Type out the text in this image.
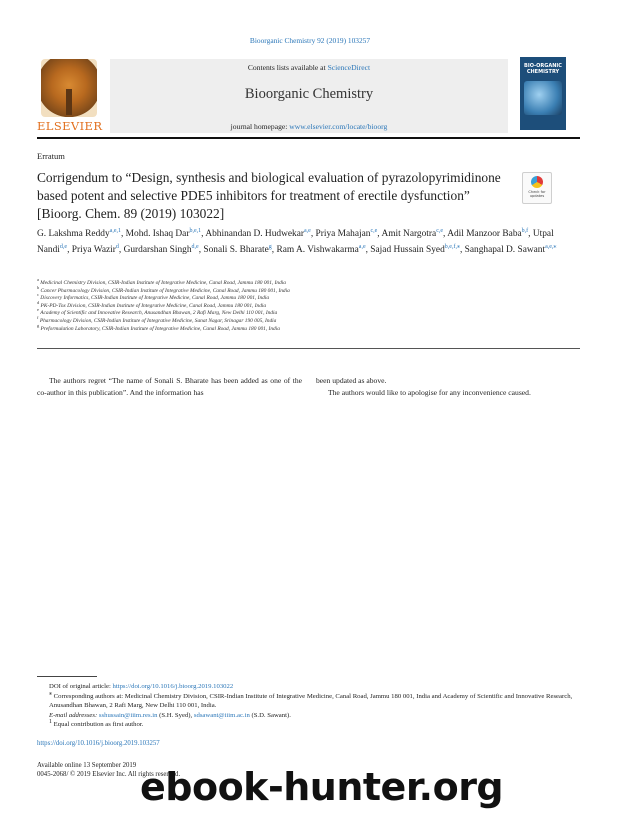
Bioorganic Chemistry 92 (2019) 103257
ELSEVIER
Contents lists available at ScienceDirect
Bioorganic Chemistry
journal homepage: www.elsevier.com/locate/bioorg
BIO-ORGANIC
CHEMISTRY
Erratum
Corrigendum to “Design, synthesis and biological evaluation of pyrazolopyrimidinone based potent and selective PDE5 inhibitors for treatment of erectile dysfunction” [Bioorg. Chem. 89 (2019) 103022]
Check for
updates
G. Lakshma Reddy$^{a,e,1}$, Mohd. Ishaq Dar$^{b,e,1}$, Abhinandan D. Hudwekar$^{a,e}$, Priya Mahajan$^{c,e}$, Amit Nargotra$^{c,e}$, Adil Manzoor Baba$^{b,f}$, Utpal Nandi$^{d,e}$, Priya Wazir$^d$, Gurdarshan Singh$^{d,e}$, Sonali S. Bharate$^g$, Ram A. Vishwakarma$^{a,e}$, Sajad Hussain Syed$^{b,e,f,⁎}$, Sanghapal D. Sawant$^{a,e,⁎}$
$^a$ Medicinal Chemistry Division, CSIR-Indian Institute of Integrative Medicine, Canal Road, Jammu 180 001, India
$^b$ Cancer Pharmacology Division, CSIR-Indian Institute of Integrative Medicine, Canal Road, Jammu 180 001, India
$^c$ Discovery Informatics, CSIR-Indian Institute of Integrative Medicine, Canal Road, Jammu 180 001, India
$^d$ PK-PD-Tox Division, CSIR-Indian Institute of Integrative Medicine, Canal Road, Jammu 180 001, India
$^e$ Academy of Scientific and Innovative Research, Anusandhan Bhawan, 2 Rafi Marg, New Delhi 110 001, India
$^f$ Pharmacology Division, CSIR-Indian Institute of Integrative Medicine, Sanat Nagar, Srinagar 190 005, India
$^g$ Preformulation Laboratory, CSIR-Indian Institute of Integrative Medicine, Canal Road, Jammu 180 001, India

The authors regret “The name of Sonali S. Bharate has been added as one of the co-author in this publication”. And the information has

been updated as above.

The authors would like to apologise for any inconvenience caused.

DOI of original article: https://doi.org/10.1016/j.bioorg.2019.103022

⁎ Corresponding authors at: Medicinal Chemistry Division, CSIR-Indian Institute of Integrative Medicine, Canal Road, Jammu 180 001, India and Academy of Scientific and Innovative Research, Anusandhan Bhawan, 2 Rafi Marg, New Delhi 110 001, India.

E-mail addresses: sshussain@iiim.res.in (S.H. Syed), sdsawant@iiim.ac.in (S.D. Sawant).

1 Equal contribution as first author.

https://doi.org/10.1016/j.bioorg.2019.103257
Available online 13 September 2019
0045-2068/ © 2019 Elsevier Inc. All rights reserved.
ebook-hunter.org
